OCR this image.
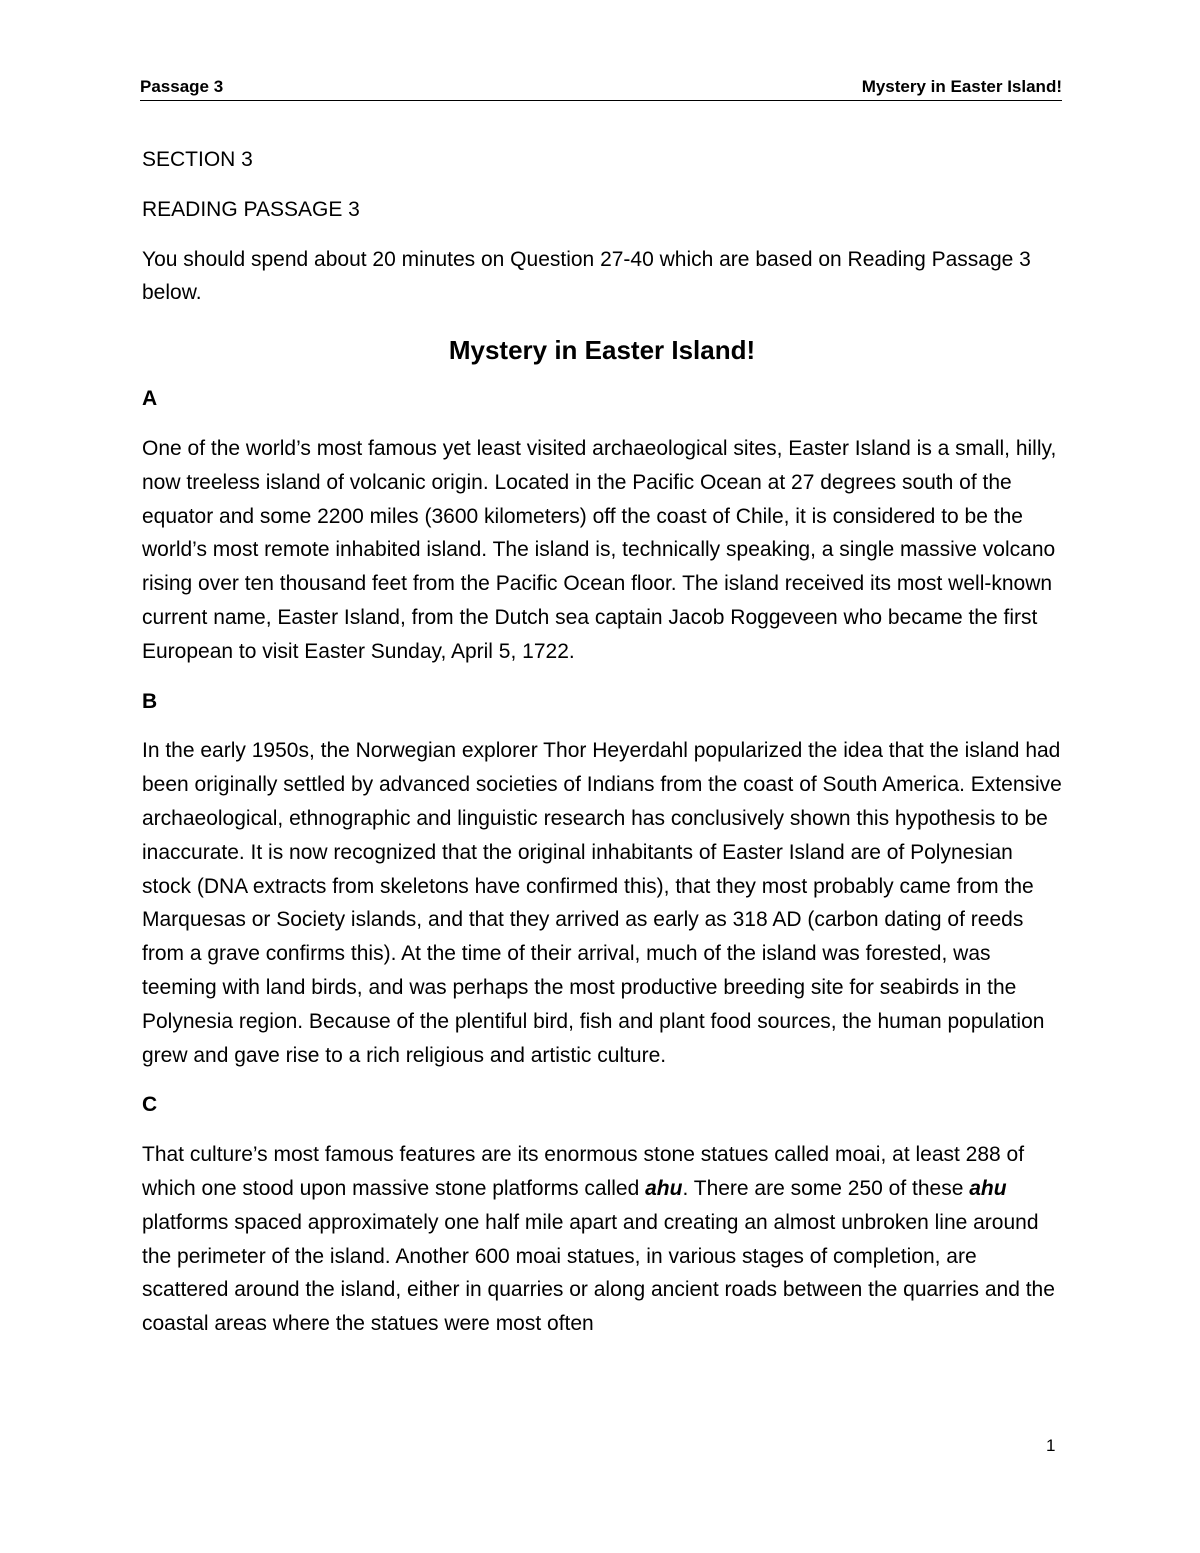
Passage 3	Mystery in Easter Island!

SECTION 3

READING PASSAGE 3

You should spend about 20 minutes on Question 27-40 which are based on Reading Passage 3 below.

Mystery in Easter Island!

A

One of the world’s most famous yet least visited archaeological sites, Easter Island is a small, hilly, now treeless island of volcanic origin. Located in the Pacific Ocean at 27 degrees south of the equator and some 2200 miles (3600 kilometers) off the coast of Chile, it is considered to be the world’s most remote inhabited island. The island is, technically speaking, a single massive volcano rising over ten thousand feet from the Pacific Ocean floor. The island received its most well-known current name, Easter Island, from the Dutch sea captain Jacob Roggeveen who became the first European to visit Easter Sunday, April 5, 1722.

B

In the early 1950s, the Norwegian explorer Thor Heyerdahl popularized the idea that the island had been originally settled by advanced societies of Indians from the coast of South America. Extensive archaeological, ethnographic and linguistic research has conclusively shown this hypothesis to be inaccurate. It is now recognized that the original inhabitants of Easter Island are of Polynesian stock (DNA extracts from skeletons have confirmed this), that they most probably came from the Marquesas or Society islands, and that they arrived as early as 318 AD (carbon dating of reeds from a grave confirms this). At the time of their arrival, much of the island was forested, was teeming with land birds, and was perhaps the most productive breeding site for seabirds in the Polynesia region. Because of the plentiful bird, fish and plant food sources, the human population grew and gave rise to a rich religious and artistic culture.

C

That culture’s most famous features are its enormous stone statues called moai, at least 288 of which one stood upon massive stone platforms called ahu. There are some 250 of these ahu platforms spaced approximately one half mile apart and creating an almost unbroken line around the perimeter of the island. Another 600 moai statues, in various stages of completion, are scattered around the island, either in quarries or along ancient roads between the quarries and the coastal areas where the statues were most often

1
